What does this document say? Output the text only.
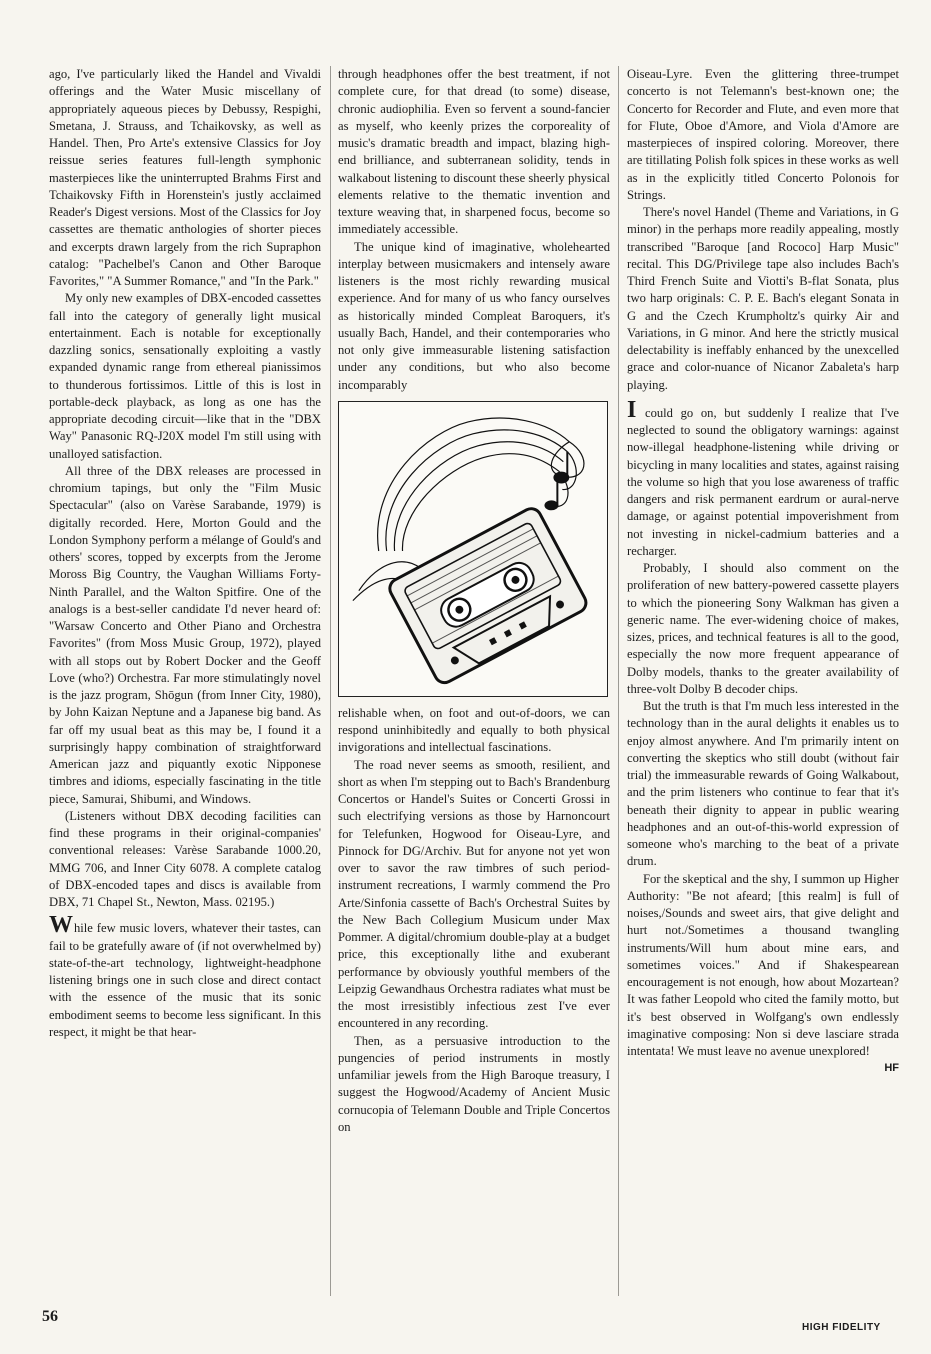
ago, I've particularly liked the Handel and Vivaldi offerings and the Water Music miscellany of appropriately aqueous pieces by Debussy, Respighi, Smetana, J. Strauss, and Tchaikovsky, as well as Handel. Then, Pro Arte's extensive Classics for Joy reissue series features full-length symphonic masterpieces like the uninterrupted Brahms First and Tchaikovsky Fifth in Horenstein's justly acclaimed Reader's Digest versions. Most of the Classics for Joy cassettes are thematic anthologies of shorter pieces and excerpts drawn largely from the rich Supraphon catalog: "Pachelbel's Canon and Other Baroque Favorites," "A Summer Romance," and "In the Park."

My only new examples of DBX-encoded cassettes fall into the category of generally light musical entertainment. Each is notable for exceptionally dazzling sonics, sensationally exploiting a vastly expanded dynamic range from ethereal pianissimos to thunderous fortissimos. Little of this is lost in portable-deck playback, as long as one has the appropriate decoding circuit—like that in the "DBX Way" Panasonic RQ-J20X model I'm still using with unalloyed satisfaction.

All three of the DBX releases are processed in chromium tapings, but only the "Film Music Spectacular" (also on Varèse Sarabande, 1979) is digitally recorded. Here, Morton Gould and the London Symphony perform a mélange of Gould's and others' scores, topped by excerpts from the Jerome Moross Big Country, the Vaughan Williams Forty-Ninth Parallel, and the Walton Spitfire. One of the analogs is a best-seller candidate I'd never heard of: "Warsaw Concerto and Other Piano and Orchestra Favorites" (from Moss Music Group, 1972), played with all stops out by Robert Docker and the Geoff Love (who?) Orchestra. Far more stimulatingly novel is the jazz program, Shōgun (from Inner City, 1980), by John Kaizan Neptune and a Japanese big band. As far off my usual beat as this may be, I found it a surprisingly happy combination of straightforward American jazz and piquantly exotic Nipponese timbres and idioms, especially fascinating in the title piece, Samurai, Shibumi, and Windows.

(Listeners without DBX decoding facilities can find these programs in their original-companies' conventional releases: Varèse Sarabande 1000.20, MMG 706, and Inner City 6078. A complete catalog of DBX-encoded tapes and discs is available from DBX, 71 Chapel St., Newton, Mass. 02195.)

While few music lovers, whatever their tastes, can fail to be gratefully aware of (if not overwhelmed by) state-of-the-art technology, lightweight-headphone listening brings one in such close and direct contact with the essence of the music that its sonic embodiment seems to become less significant. In this respect, it might be that hear-

through headphones offer the best treatment, if not complete cure, for that dread (to some) disease, chronic audiophilia. Even so fervent a sound-fancier as myself, who keenly prizes the corporeality of music's dramatic breadth and impact, blazing high-end brilliance, and subterranean solidity, tends in walkabout listening to discount these sheerly physical elements relative to the thematic invention and texture weaving that, in sharpened focus, become so immediately accessible.

The unique kind of imaginative, wholehearted interplay between musicmakers and intensely aware listeners is the most richly rewarding musical experience. And for many of us who fancy ourselves as historically minded Compleat Baroquers, it's usually Bach, Handel, and their contemporaries who not only give immeasurable listening satisfaction under any conditions, but who also become incomparably

relishable when, on foot and out-of-doors, we can respond uninhibitedly and equally to both physical invigorations and intellectual fascinations.

The road never seems as smooth, resilient, and short as when I'm stepping out to Bach's Brandenburg Concertos or Handel's Suites or Concerti Grossi in such electrifying versions as those by Harnoncourt for Telefunken, Hogwood for Oiseau-Lyre, and Pinnock for DG/Archiv. But for anyone not yet won over to savor the raw timbres of such period-instrument recreations, I warmly commend the Pro Arte/Sinfonia cassette of Bach's Orchestral Suites by the New Bach Collegium Musicum under Max Pommer. A digital/chromium double-play at a budget price, this exceptionally lithe and exuberant performance by obviously youthful members of the Leipzig Gewandhaus Orchestra radiates what must be the most irresistibly infectious zest I've ever encountered in any recording.

Then, as a persuasive introduction to the pungencies of period instruments in mostly unfamiliar jewels from the High Baroque treasury, I suggest the Hogwood/Academy of Ancient Music cornucopia of Telemann Double and Triple Concertos on

Oiseau-Lyre. Even the glittering three-trumpet concerto is not Telemann's best-known one; the Concerto for Recorder and Flute, and even more that for Flute, Oboe d'Amore, and Viola d'Amore are masterpieces of inspired coloring. Moreover, there are titillating Polish folk spices in these works as well as in the explicitly titled Concerto Polonois for Strings.

There's novel Handel (Theme and Variations, in G minor) in the perhaps more readily appealing, mostly transcribed "Baroque [and Rococo] Harp Music" recital. This DG/Privilege tape also includes Bach's Third French Suite and Viotti's B-flat Sonata, plus two harp originals: C. P. E. Bach's elegant Sonata in G and the Czech Krumpholtz's quirky Air and Variations, in G minor. And here the strictly musical delectability is ineffably enhanced by the unexcelled grace and color-nuance of Nicanor Zabaleta's harp playing.

I could go on, but suddenly I realize that I've neglected to sound the obligatory warnings: against now-illegal headphone-listening while driving or bicycling in many localities and states, against raising the volume so high that you lose awareness of traffic dangers and risk permanent eardrum or aural-nerve damage, or against potential impoverishment from not investing in nickel-cadmium batteries and a recharger.

Probably, I should also comment on the proliferation of new battery-powered cassette players to which the pioneering Sony Walkman has given a generic name. The ever-widening choice of makes, sizes, prices, and technical features is all to the good, especially the now more frequent appearance of Dolby models, thanks to the greater availability of three-volt Dolby B decoder chips.

But the truth is that I'm much less interested in the technology than in the aural delights it enables us to enjoy almost anywhere. And I'm primarily intent on converting the skeptics who still doubt (without fair trial) the immeasurable rewards of Going Walkabout, and the prim listeners who continue to fear that it's beneath their dignity to appear in public wearing headphones and an out-of-this-world expression of someone who's marching to the beat of a private drum.

For the skeptical and the shy, I summon up Higher Authority: "Be not afeard; [this realm] is full of noises,/Sounds and sweet airs, that give delight and hurt not./Sometimes a thousand twangling instruments/Will hum about mine ears, and sometimes voices." And if Shakespearean encouragement is not enough, how about Mozartean? It was father Leopold who cited the family motto, but it's best observed in Wolfgang's own endlessly imaginative composing: Non si deve lasciare strada intentata! We must leave no avenue unexplored!
HF

56
HIGH FIDELITY
